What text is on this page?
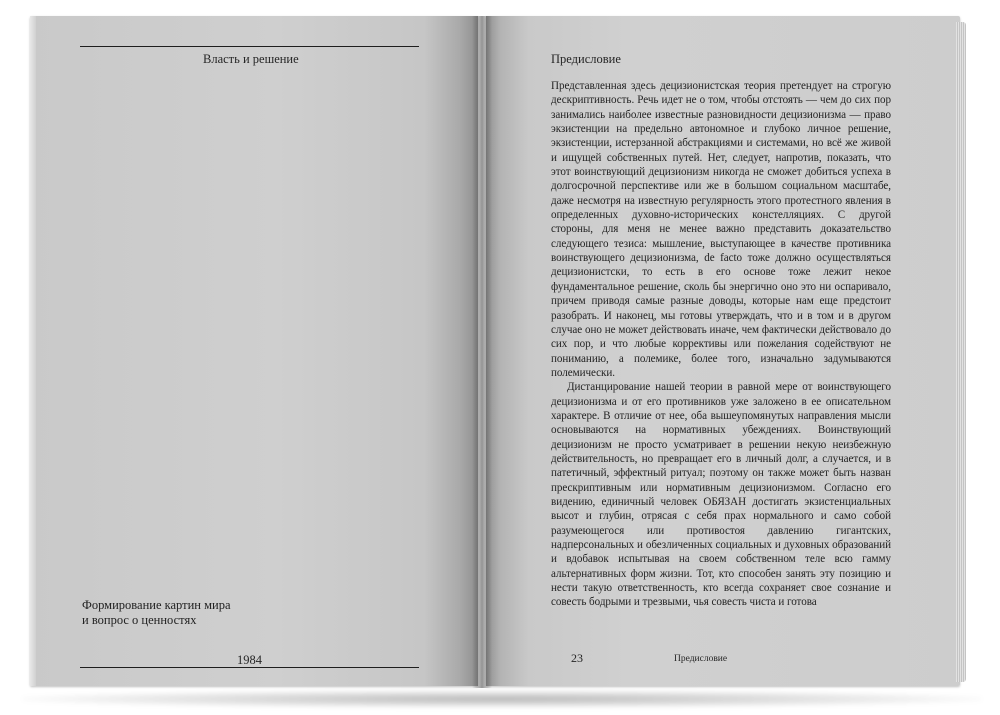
Власть и решение
Формирование картин мира
и вопрос о ценностях
1984
Предисловие

Представленная здесь децизионистская теория претендует на строгую дескриптивность. Речь идет не о том, чтобы отстоять — чем до сих пор занимались наиболее известные разновидности децизионизма — право экзистенции на предельно автономное и глубоко личное решение, экзистенции, истерзанной абстракциями и системами, но всё же живой и ищущей собственных путей. Нет, следует, напротив, показать, что этот воинствующий децизионизм никогда не сможет добиться успеха в долгосрочной перспективе или же в большом социальном масштабе, даже несмотря на известную регулярность этого протестного явления в определенных духовно-исторических констелляциях. С другой стороны, для меня не менее важно представить доказательство следующего тезиса: мышление, выступающее в качестве противника воинствующего децизионизма, de facto тоже должно осуществляться децизионистски, то есть в его основе тоже лежит некое фундаментальное решение, сколь бы энергично оно это ни оспаривало, причем приводя самые разные доводы, которые нам еще предстоит разобрать. И наконец, мы готовы утверждать, что и в том и в другом случае оно не может действовать иначе, чем фактически действовало до сих пор, и что любые коррективы или пожелания содействуют не пониманию, а полемике, более того, изначально задумываются полемически.

Дистанцирование нашей теории в равной мере от воинствующего децизионизма и от его противников уже заложено в ее описательном характере. В отличие от нее, оба вышеупомянутых направления мысли основываются на нормативных убеждениях. Воинствующий децизионизм не просто усматривает в решении некую неизбежную действительность, но превращает его в личный долг, а случается, и в патетичный, эффектный ритуал; поэтому он также может быть назван прескриптивным или нормативным децизионизмом. Согласно его видению, единичный человек ОБЯЗАН достигать экзистенциальных высот и глубин, отрясая с себя прах нормального и само собой разумеющегося или противостоя давлению гигантских, надперсональных и обезличенных социальных и духовных образований и вдобавок испытывая на своем собственном теле всю гамму альтернативных форм жизни. Тот, кто способен занять эту позицию и нести такую ответственность, кто всегда сохраняет свое сознание и совесть бодрыми и трезвыми, чья совесть чиста и готова

23	Предисловие
